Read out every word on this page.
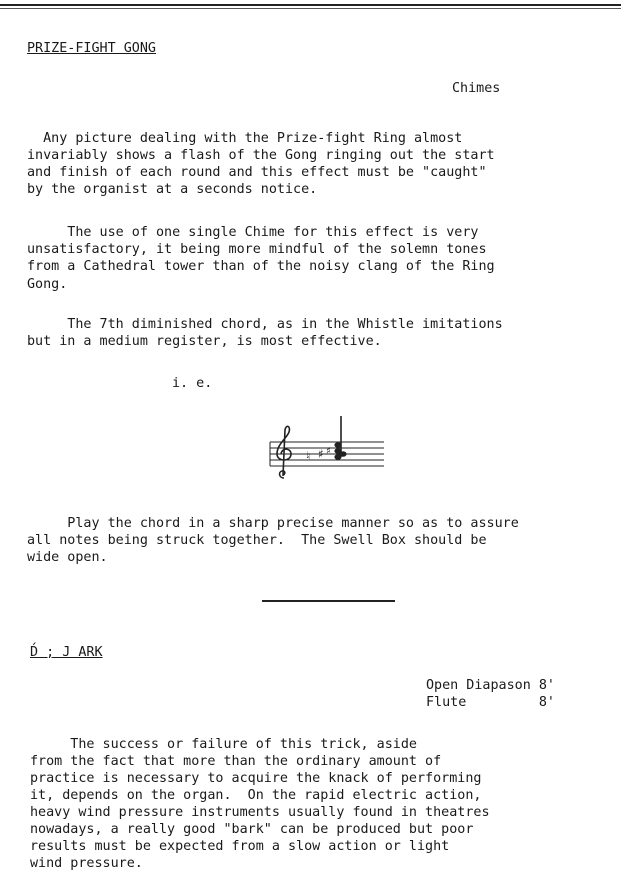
PRIZE-FIGHT GONG
Chimes
Any picture dealing with the Prize-fight Ring almost
invariably shows a flash of the Gong ringing out the start
and finish of each round and this effect must be "caught"
by the organist at a seconds notice.
The use of one single Chime for this effect is very
unsatisfactory, it being more mindful of the solemn tones
from a Cathedral tower than of the noisy clang of the Ring
Gong.
The 7th diminished chord, as in the Whistle imitations
but in a medium register, is most effective.
i. e.
♮ ♯ ♯
Play the chord in a sharp precise manner so as to assure
all notes being struck together.  The Swell Box should be
wide open.
D́ ; J ARK
Open Diapason 8'
Flute         8'
The success or failure of this trick, aside
from the fact that more than the ordinary amount of
practice is necessary to acquire the knack of performing
it, depends on the organ.  On the rapid electric action,
heavy wind pressure instruments usually found in theatres
nowadays, a really good "bark" can be produced but poor
results must be expected from a slow action or light
wind pressure.
